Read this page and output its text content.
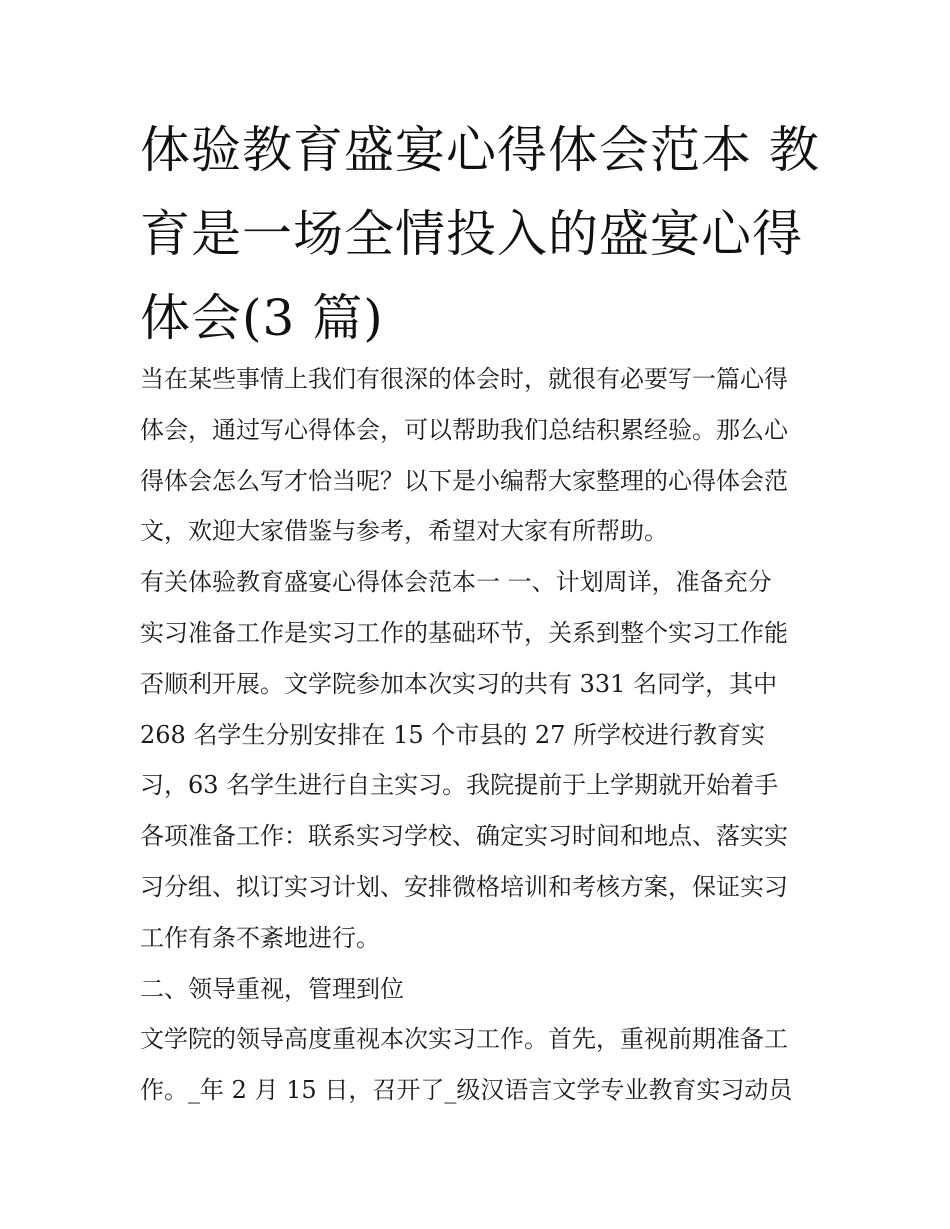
体验教育盛宴心得体会范本 教
育是一场全情投入的盛宴心得
体会(3 篇)
当在某些事情上我们有很深的体会时，就很有必要写一篇心得
体会，通过写心得体会，可以帮助我们总结积累经验。那么心
得体会怎么写才恰当呢？以下是小编帮大家整理的心得体会范
文，欢迎大家借鉴与参考，希望对大家有所帮助。
有关体验教育盛宴心得体会范本一 一、计划周详，准备充分
实习准备工作是实习工作的基础环节，关系到整个实习工作能
否顺利开展。文学院参加本次实习的共有 331 名同学，其中
268 名学生分别安排在 15 个市县的 27 所学校进行教育实
习，63 名学生进行自主实习。我院提前于上学期就开始着手
各项准备工作：联系实习学校、确定实习时间和地点、落实实
习分组、拟订实习计划、安排微格培训和考核方案，保证实习
工作有条不紊地进行。
二、领导重视，管理到位
文学院的领导高度重视本次实习工作。首先，重视前期准备工
作。_年 2 月 15 日，召开了_级汉语言文学专业教育实习动员
